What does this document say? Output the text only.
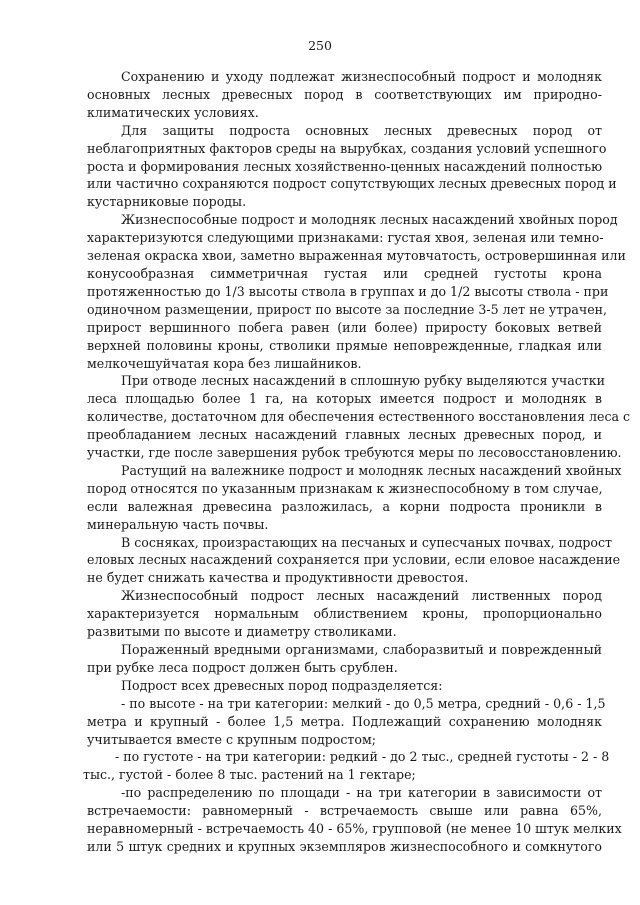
250

Сохранению и уходу подлежат жизнеспособный подрост и молодняк
основных лесных древесных пород в соответствующих им природно-
климатических условиях.

Для защиты подроста основных лесных древесных пород от
неблагоприятных факторов среды на вырубках, создания условий успешного
роста и формирования лесных хозяйственно-ценных насаждений полностью
или частично сохраняются подрост сопутствующих лесных древесных пород и
кустарниковые породы.

Жизнеспособные подрост и молодняк лесных насаждений хвойных пород
характеризуются следующими признаками: густая хвоя, зеленая или темно-
зеленая окраска хвои, заметно выраженная мутовчатость, островершинная или
конусообразная симметричная густая или средней густоты крона
протяженностью до 1/3 высоты ствола в группах и до 1/2 высоты ствола - при
одиночном размещении, прирост по высоте за последние 3-5 лет не утрачен,
прирост вершинного побега равен (или более) приросту боковых ветвей
верхней половины кроны, стволики прямые неповрежденные, гладкая или
мелкочешуйчатая кора без лишайников.

При отводе лесных насаждений в сплошную рубку выделяются участки
леса площадью более 1 га, на которых имеется подрост и молодняк в
количестве, достаточном для обеспечения естественного восстановления леса с
преобладанием лесных насаждений главных лесных древесных пород, и
участки, где после завершения рубок требуются меры по лесовосстановлению.

Растущий на валежнике подрост и молодняк лесных насаждений хвойных
пород относятся по указанным признакам к жизнеспособному в том случае,
если валежная древесина разложилась, а корни подроста проникли в
минеральную часть почвы.

В сосняках, произрастающих на песчаных и супесчаных почвах, подрост
еловых лесных насаждений сохраняется при условии, если еловое насаждение
не будет снижать качества и продуктивности древостоя.

Жизнеспособный подрост лесных насаждений лиственных пород
характеризуется нормальным облиствением кроны, пропорционально
развитыми по высоте и диаметру стволиками.

Пораженный вредными организмами, слаборазвитый и поврежденный
при рубке леса подрост должен быть срублен.

Подрост всех древесных пород подразделяется:

- по высоте - на три категории: мелкий - до 0,5 метра, средний - 0,6 - 1,5
метра и крупный - более 1,5 метра. Подлежащий сохранению молодняк
учитывается вместе с крупным подростом;

- по густоте - на три категории: редкий - до 2 тыс., средней густоты - 2 - 8
тыс., густой - более 8 тыс. растений на 1 гектаре;

-по распределению по площади - на три категории в зависимости от
встречаемости: равномерный - встречаемость свыше или равна 65%,
неравномерный - встречаемость 40 - 65%, групповой (не менее 10 штук мелких
или 5 штук средних и крупных экземпляров жизнеспособного и сомкнутого
